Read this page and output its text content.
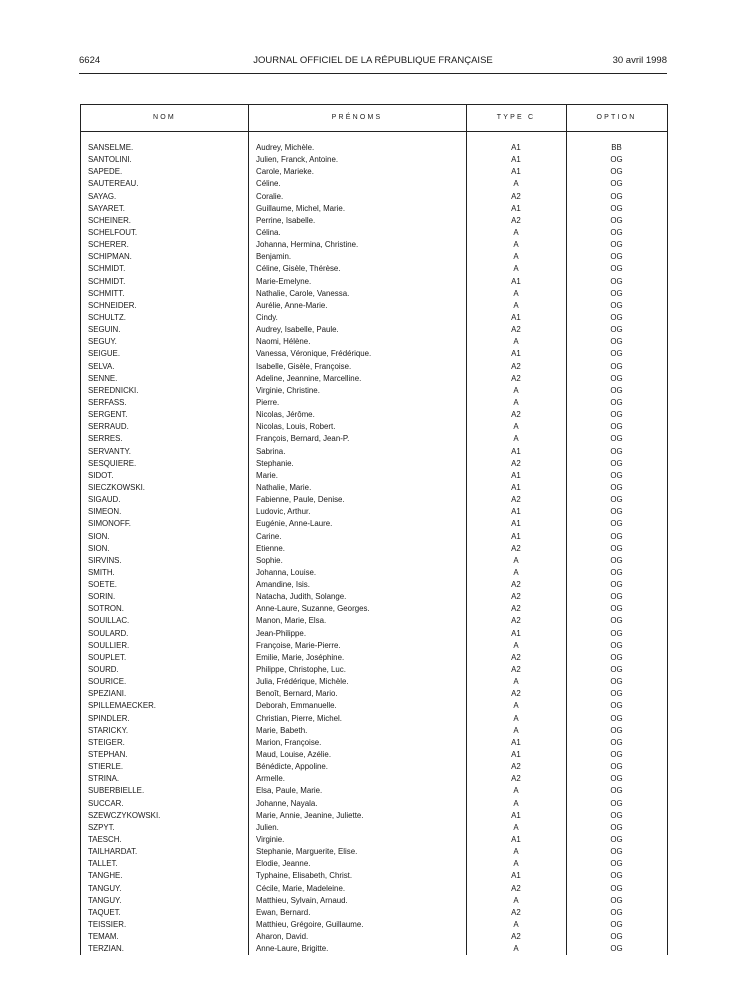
6624	JOURNAL OFFICIEL DE LA RÉPUBLIQUE FRANÇAISE	30 avril 1998
NOM	PRÉNOMS	TYPE C	OPTION
SANSELME.	Audrey, Michèle.	A1	BB
SANTOLINI.	Julien, Franck, Antoine.	A1	OG
SAPEDE.	Carole, Marieke.	A1	OG
SAUTEREAU.	Céline.	A	OG
SAYAG.	Coralie.	A2	OG
SAYARET.	Guillaume, Michel, Marie.	A1	OG
SCHEINER.	Perrine, Isabelle.	A2	OG
SCHELFOUT.	Célina.	A	OG
SCHERER.	Johanna, Hermina, Christine.	A	OG
SCHIPMAN.	Benjamin.	A	OG
SCHMIDT.	Céline, Gisèle, Thérèse.	A	OG
SCHMIDT.	Marie-Emelyne.	A1	OG
SCHMITT.	Nathalie, Carole, Vanessa.	A	OG
SCHNEIDER.	Aurélie, Anne-Marie.	A	OG
SCHULTZ.	Cindy.	A1	OG
SEGUIN.	Audrey, Isabelle, Paule.	A2	OG
SEGUY.	Naomi, Hélène.	A	OG
SEIGUE.	Vanessa, Véronique, Frédérique.	A1	OG
SELVA.	Isabelle, Gisèle, Françoise.	A2	OG
SENNE.	Adeline, Jeannine, Marcelline.	A2	OG
SEREDNICKI.	Virginie, Christine.	A	OG
SERFASS.	Pierre.	A	OG
SERGENT.	Nicolas, Jérôme.	A2	OG
SERRAUD.	Nicolas, Louis, Robert.	A	OG
SERRES.	François, Bernard, Jean-P.	A	OG
SERVANTY.	Sabrina.	A1	OG
SESQUIERE.	Stephanie.	A2	OG
SIDOT.	Marie.	A1	OG
SIECZKOWSKI.	Nathalie, Marie.	A1	OG
SIGAUD.	Fabienne, Paule, Denise.	A2	OG
SIMEON.	Ludovic, Arthur.	A1	OG
SIMONOFF.	Eugénie, Anne-Laure.	A1	OG
SION.	Carine.	A1	OG
SION.	Etienne.	A2	OG
SIRVINS.	Sophie.	A	OG
SMITH.	Johanna, Louise.	A	OG
SOETE.	Amandine, Isis.	A2	OG
SORIN.	Natacha, Judith, Solange.	A2	OG
SOTRON.	Anne-Laure, Suzanne, Georges.	A2	OG
SOUILLAC.	Manon, Marie, Elsa.	A2	OG
SOULARD.	Jean-Philippe.	A1	OG
SOULLIER.	Françoise, Marie-Pierre.	A	OG
SOUPLET.	Emilie, Marie, Joséphine.	A2	OG
SOURD.	Philippe, Christophe, Luc.	A2	OG
SOURICE.	Julia, Frédérique, Michèle.	A	OG
SPEZIANI.	Benoît, Bernard, Mario.	A2	OG
SPILLEMAECKER.	Deborah, Emmanuelle.	A	OG
SPINDLER.	Christian, Pierre, Michel.	A	OG
STARICKY.	Marie, Babeth.	A	OG
STEIGER.	Marion, Françoise.	A1	OG
STEPHAN.	Maud, Louise, Azélie.	A1	OG
STIERLE.	Bénédicte, Appoline.	A2	OG
STRINA.	Armelle.	A2	OG
SUBERBIELLE.	Elsa, Paule, Marie.	A	OG
SUCCAR.	Johanne, Nayala.	A	OG
SZEWCZYKOWSKI.	Marie, Annie, Jeanine, Juliette.	A1	OG
SZPYT.	Julien.	A	OG
TAESCH.	Virginie.	A1	OG
TAILHARDAT.	Stephanie, Marguerite, Elise.	A	OG
TALLET.	Elodie, Jeanne.	A	OG
TANGHE.	Typhaine, Elisabeth, Christ.	A1	OG
TANGUY.	Cécile, Marie, Madeleine.	A2	OG
TANGUY.	Matthieu, Sylvain, Arnaud.	A	OG
TAQUET.	Ewan, Bernard.	A2	OG
TEISSIER.	Matthieu, Grégoire, Guillaume.	A	OG
TEMAM.	Aharon, David.	A2	OG
TERZIAN.	Anne-Laure, Brigitte.	A	OG
